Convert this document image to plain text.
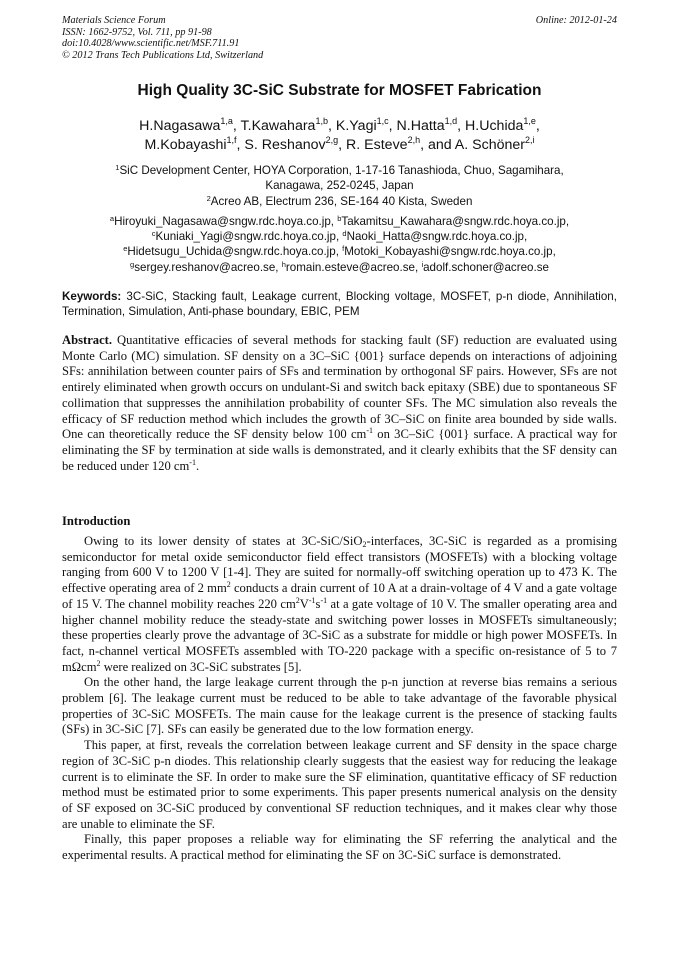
Materials Science Forum
ISSN: 1662-9752, Vol. 711, pp 91-98
doi:10.4028/www.scientific.net/MSF.711.91
© 2012 Trans Tech Publications Ltd, Switzerland
Online: 2012-01-24
High Quality 3C-SiC Substrate for MOSFET Fabrication
H.Nagasawa$^{1,a}$, T.Kawahara$^{1,b}$, K.Yagi$^{1,c}$, N.Hatta$^{1,d}$, H.Uchida$^{1,e}$,
M.Kobayashi$^{1,f}$, S. Reshanov$^{2,g}$, R. Esteve$^{2,h}$, and A. Schöner$^{2,i}$
$^1$SiC Development Center, HOYA Corporation, 1-17-16 Tanashioda, Chuo, Sagamihara,
Kanagawa, 252-0245, Japan
$^2$Acreo AB, Electrum 236, SE-164 40 Kista, Sweden
$^a$Hiroyuki_Nagasawa@sngw.rdc.hoya.co.jp, $^b$Takamitsu_Kawahara@sngw.rdc.hoya.co.jp,
$^c$Kuniaki_Yagi@sngw.rdc.hoya.co.jp, $^d$Naoki_Hatta@sngw.rdc.hoya.co.jp,
$^e$Hidetsugu_Uchida@sngw.rdc.hoya.co.jp, $^f$Motoki_Kobayashi@sngw.rdc.hoya.co.jp,
$^g$sergey.reshanov@acreo.se, $^h$romain.esteve@acreo.se, $^i$adolf.schoner@acreo.se
Keywords: 3C-SiC, Stacking fault, Leakage current, Blocking voltage, MOSFET, p-n diode, Annihilation, Termination, Simulation, Anti-phase boundary, EBIC, PEM
Abstract. Quantitative efficacies of several methods for stacking fault (SF) reduction are evaluated using Monte Carlo (MC) simulation. SF density on a 3C–SiC {001} surface depends on interactions of adjoining SFs: annihilation between counter pairs of SFs and termination by orthogonal SF pairs. However, SFs are not entirely eliminated when growth occurs on undulant-Si and switch back epitaxy (SBE) due to spontaneous SF collimation that suppresses the annihilation probability of counter SFs. The MC simulation also reveals the efficacy of SF reduction method which includes the growth of 3C–SiC on finite area bounded by side walls. One can theoretically reduce the SF density below 100 $cm^{-1}$ on 3C–SiC {001} surface. A practical way for eliminating the SF by termination at side walls is demonstrated, and it clearly exhibits that the SF density can be reduced under 120 $cm^{-1}$.
Introduction

Owing to its lower density of states at 3C-SiC/SiO$_2$-interfaces, 3C-SiC is regarded as a promising semiconductor for metal oxide semiconductor field effect transistors (MOSFETs) with a blocking voltage ranging from 600 V to 1200 V [1-4]. They are suited for normally-off switching operation up to 473 K. The effective operating area of 2 $mm^2$ conducts a drain current of 10 A at a drain-voltage of 4 V and a gate voltage of 15 V. The channel mobility reaches 220 $cm^2V^{-1}s^{-1}$ at a gate voltage of 10 V. The smaller operating area and higher channel mobility reduce the steady-state and switching power losses in MOSFETs simultaneously; these properties clearly prove the advantage of 3C-SiC as a substrate for middle or high power MOSFETs. In fact, n-channel vertical MOSFETs assembled with TO-220 package with a specific on-resistance of 5 to 7 mΩcm$^2$ were realized on 3C-SiC substrates [5].

On the other hand, the large leakage current through the p-n junction at reverse bias remains a serious problem [6]. The leakage current must be reduced to be able to take advantage of the favorable physical properties of 3C-SiC MOSFETs. The main cause for the leakage current is the presence of stacking faults (SFs) in 3C-SiC [7]. SFs can easily be generated due to the low formation energy.

This paper, at first, reveals the correlation between leakage current and SF density in the space charge region of 3C-SiC p-n diodes. This relationship clearly suggests that the easiest way for reducing the leakage current is to eliminate the SF. In order to make sure the SF elimination, quantitative efficacy of SF reduction method must be estimated prior to some experiments. This paper presents numerical analysis on the density of SF exposed on 3C-SiC produced by conventional SF reduction techniques, and it makes clear why those are unable to eliminate the SF.

Finally, this paper proposes a reliable way for eliminating the SF referring the analytical and the experimental results. A practical method for eliminating the SF on 3C-SiC surface is demonstrated.
